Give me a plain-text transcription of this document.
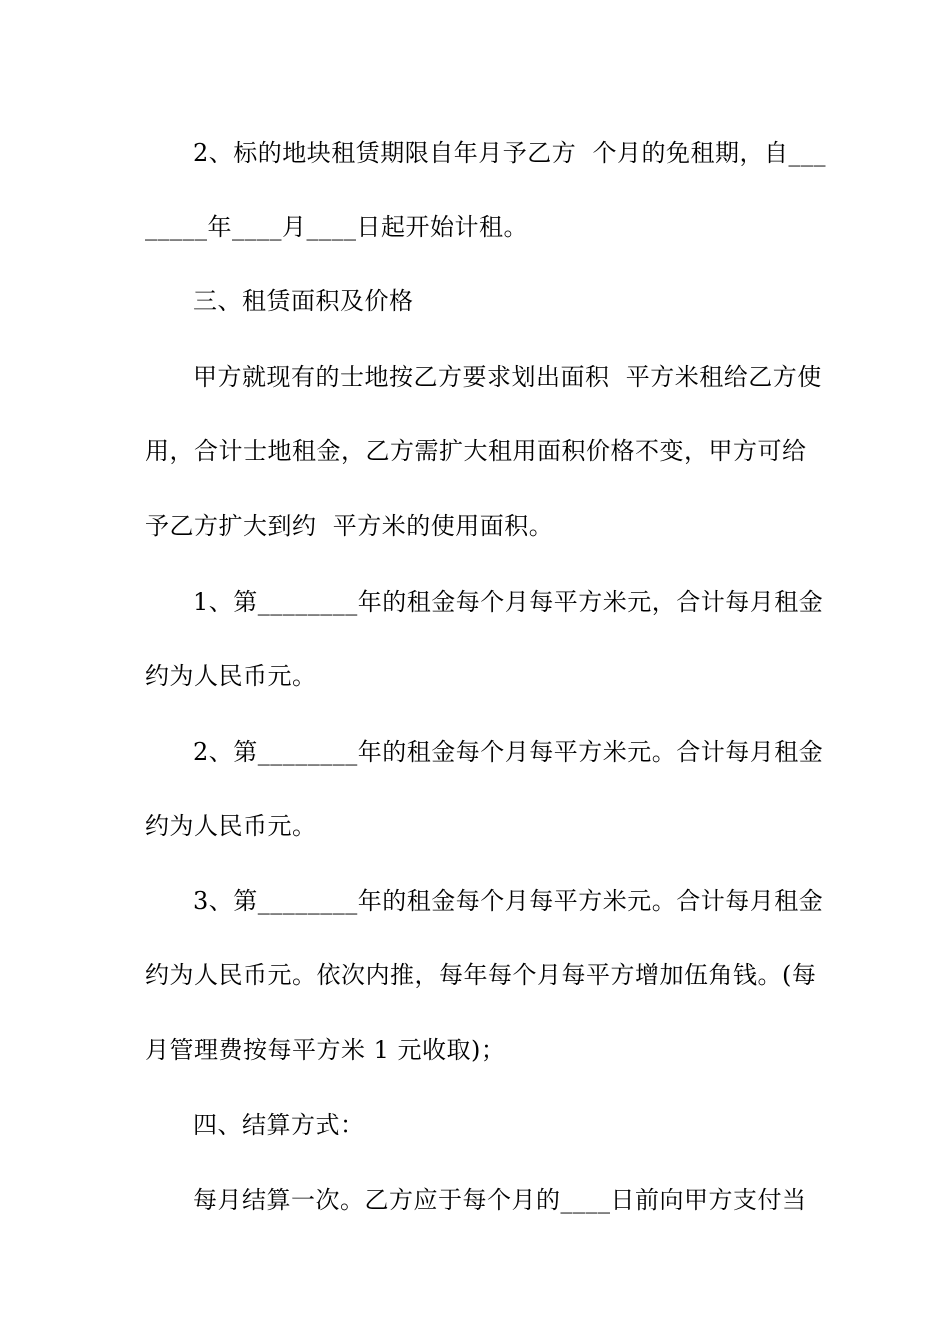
2、标的地块租赁期限自年月予乙方  个月的免租期，自___
_____年____月____日起开始计租。
三、租赁面积及价格
甲方就现有的士地按乙方要求划出面积  平方米租给乙方使
用，合计士地租金，乙方需扩大租用面积价格不变，甲方可给
予乙方扩大到约  平方米的使用面积。
1、第________年的租金每个月每平方米元，合计每月租金
约为人民币元。
2、第________年的租金每个月每平方米元。合计每月租金
约为人民币元。
3、第________年的租金每个月每平方米元。合计每月租金
约为人民币元。依次内推，每年每个月每平方增加伍角钱。(每
月管理费按每平方米 1 元收取)；
四、结算方式：
每月结算一次。乙方应于每个月的____日前向甲方支付当
